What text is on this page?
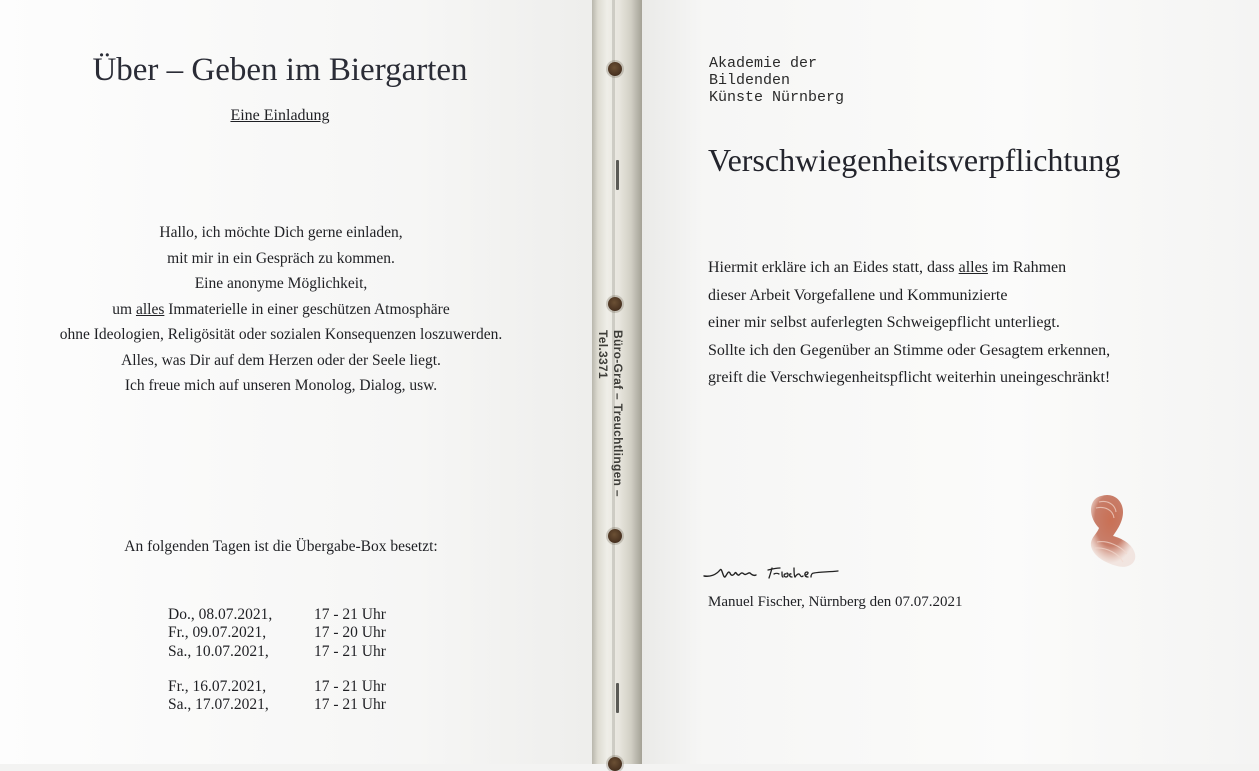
Über – Geben im Biergarten
Eine Einladung
Hallo, ich möchte Dich gerne einladen,
mit mir in ein Gespräch zu kommen.
Eine anonyme Möglichkeit,
um alles Immaterielle in einer geschützen Atmosphäre
ohne Ideologien, Religösität oder sozialen Konsequenzen loszuwerden.
Alles, was Dir auf dem Herzen oder der Seele liegt.
Ich freue mich auf unseren Monolog, Dialog, usw.
An folgenden Tagen ist die Übergabe-Box besetzt:
Do., 08.07.2021,	17 - 21 Uhr
Fr., 09.07.2021,	17 - 20 Uhr
Sa., 10.07.2021,	17 - 21 Uhr
Fr., 16.07.2021,	17 - 21 Uhr
Sa., 17.07.2021,	17 - 21 Uhr
Büro-Graf – Treuchtlingen –
Tel.3371
Akademie der
Bildenden
Künste Nürnberg
Verschwiegenheitsverpflichtung
Hiermit erkläre ich an Eides statt, dass alles im Rahmen
dieser Arbeit Vorgefallene und Kommunizierte
einer mir selbst auferlegten Schweigepflicht unterliegt.
Sollte ich den Gegenüber an Stimme oder Gesagtem erkennen,
greift die Verschwiegenheitspflicht weiterhin uneingeschränkt!
Manuel Fischer, Nürnberg den 07.07.2021
